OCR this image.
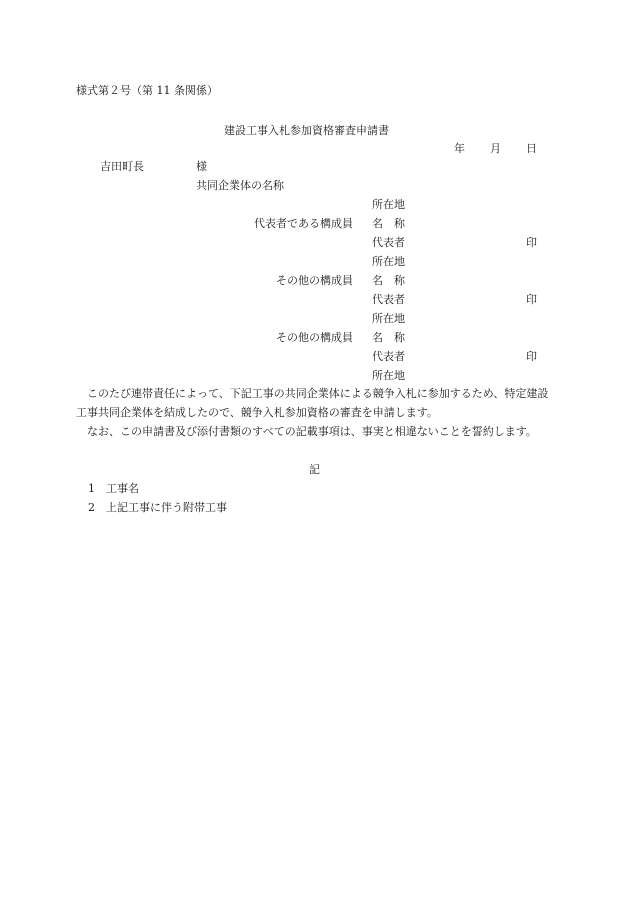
様式第２号（第 11 条関係）
建設工事入札参加資格審査申請書
年 月 日
吉田町長	様
共同企業体の名称
所在地
代表者である構成員 名　称
代表者	印
所在地
その他の構成員 名　称
代表者	印
所在地
その他の構成員 名　称
代表者	印
所在地
　このたび連帯責任によって、下記工事の共同企業体による競争入札に参加するため、特定建設工事共同企業体を結成したので、競争入札参加資格の審査を申請します。
　なお、この申請書及び添付書類のすべての記載事項は、事実と相違ないことを誓約します。
記
1 工事名
2 上記工事に伴う附帯工事
